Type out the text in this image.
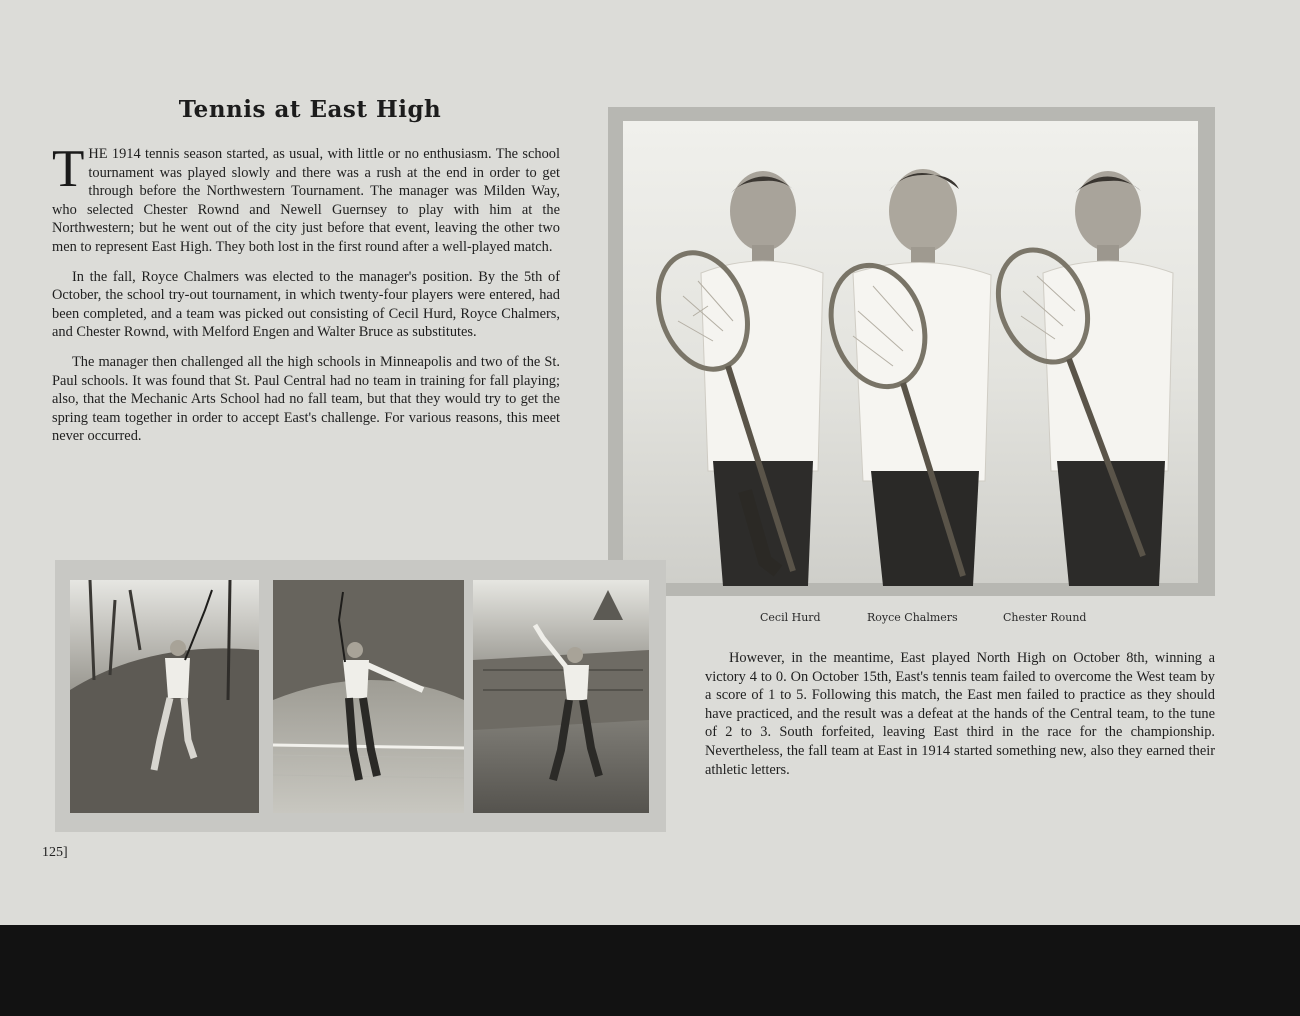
Tennis at East High

THE 1914 tennis season started, as usual, with little or no enthusiasm. The school tournament was played slowly and there was a rush at the end in order to get through before the Northwestern Tournament. The manager was Milden Way, who selected Chester Rownd and Newell Guernsey to play with him at the Northwestern; but he went out of the city just before that event, leaving the other two men to represent East High. They both lost in the first round after a well-played match.

In the fall, Royce Chalmers was elected to the manager's position. By the 5th of October, the school try-out tournament, in which twenty-four players were entered, had been completed, and a team was picked out consisting of Cecil Hurd, Royce Chalmers, and Chester Rownd, with Melford Engen and Walter Bruce as substitutes.

The manager then challenged all the high schools in Minneapolis and two of the St. Paul schools. It was found that St. Paul Central had no team in training for fall playing; also, that the Mechanic Arts School had no fall team, but that they would try to get the spring team together in order to accept East's challenge. For various reasons, this meet never occurred.

Cecil Hurd	Royce Chalmers	Chester Round

However, in the meantime, East played North High on October 8th, winning a victory 4 to 0. On October 15th, East's tennis team failed to overcome the West team by a score of 1 to 5. Following this match, the East men failed to practice as they should have practiced, and the result was a defeat at the hands of the Central team, to the tune of 2 to 3. South forfeited, leaving East third in the race for the championship. Nevertheless, the fall team at East in 1914 started something new, also they earned their athletic letters.

125]
